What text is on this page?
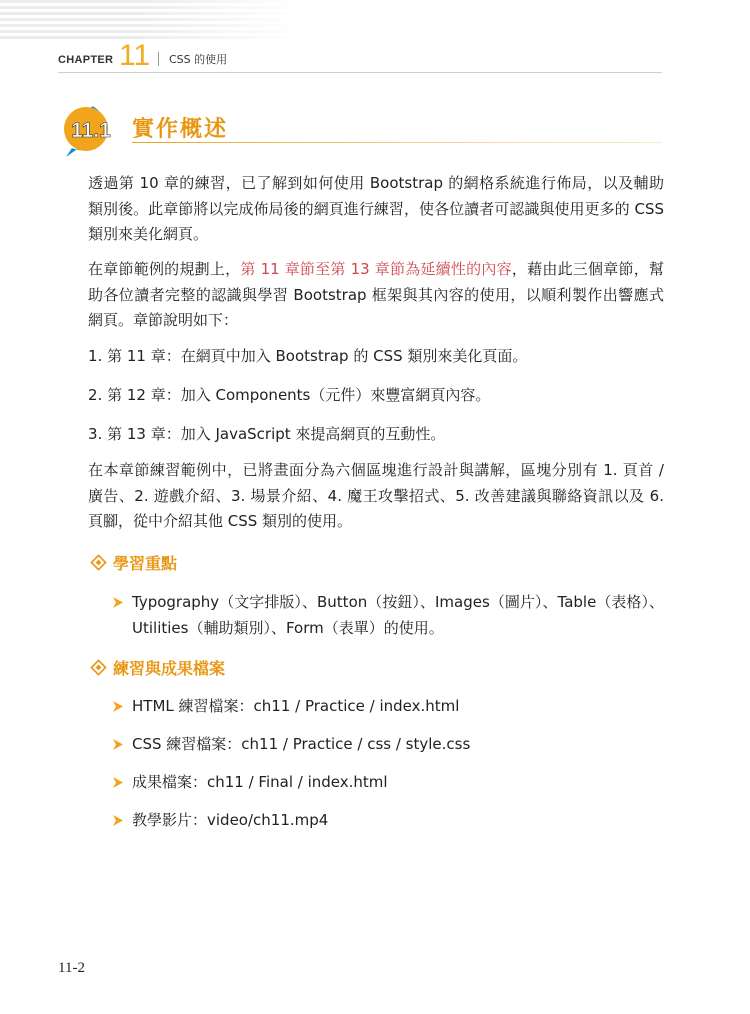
CHAPTER 11 CSS 的使用
11.1 實作概述

透過第 10 章的練習，已了解到如何使用 Bootstrap 的網格系統進行佈局，以及輔助類別後。此章節將以完成佈局後的網頁進行練習，使各位讀者可認識與使用更多的 CSS 類別來美化網頁。

在章節範例的規劃上，第 11 章節至第 13 章節為延續性的內容，藉由此三個章節，幫助各位讀者完整的認識與學習 Bootstrap 框架與其內容的使用，以順利製作出響應式網頁。章節說明如下：

1. 第 11 章：在網頁中加入 Bootstrap 的 CSS 類別來美化頁面。
2. 第 12 章：加入 Components（元件）來豐富網頁內容。
3. 第 13 章：加入 JavaScript 來提高網頁的互動性。

在本章節練習範例中，已將畫面分為六個區塊進行設計與講解，區塊分別有 1. 頁首 / 廣告、2. 遊戲介紹、3. 場景介紹、4. 魔王攻擊招式、5. 改善建議與聯絡資訊以及 6. 頁腳，從中介紹其他 CSS 類別的使用。

學習重點
Typography（文字排版）、Button（按鈕）、Images（圖片）、Table（表格）、Utilities（輔助類別）、Form（表單）的使用。
練習與成果檔案
HTML 練習檔案：ch11 / Practice / index.html
CSS 練習檔案：ch11 / Practice / css / style.css
成果檔案：ch11 / Final / index.html
教學影片：video/ch11.mp4
11-2
